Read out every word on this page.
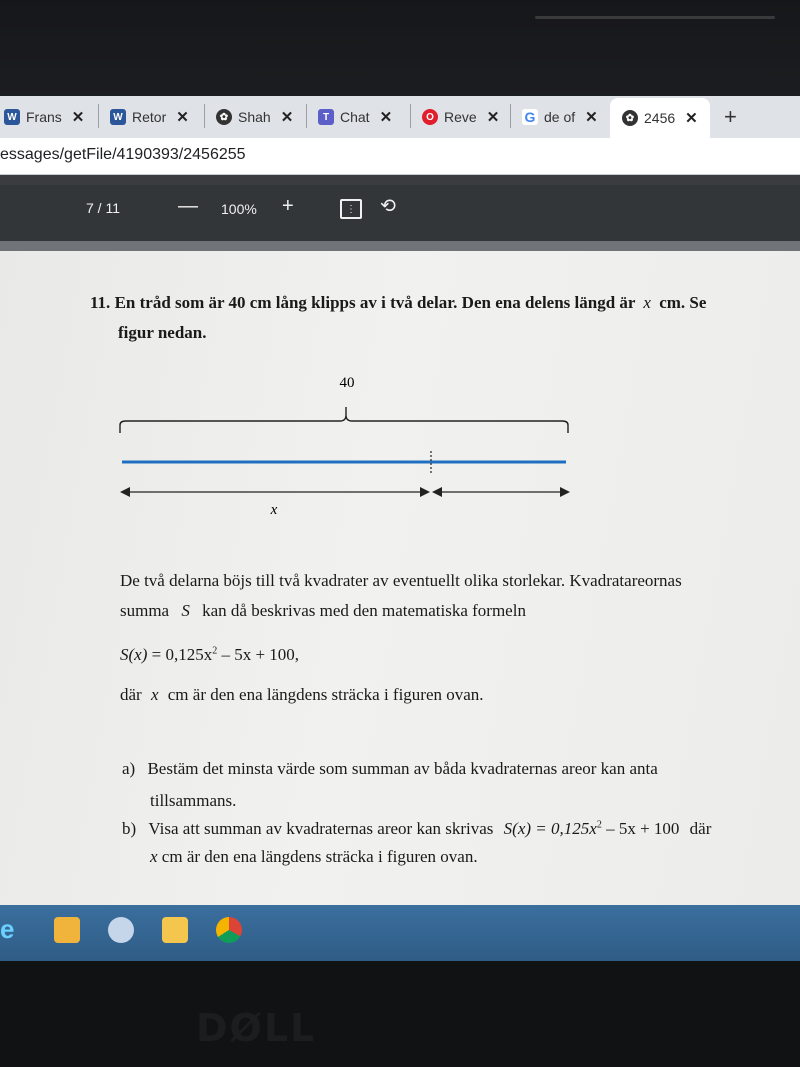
W Frans ✕	W Retor ✕	✿ Shah ✕	T Chat ✕	O Reve ✕ G de of ✕	✿ 2456 ✕ +
essages/getFile/4190393/2456255
7 / 11	— 100% +	⋮	⟲
11. En tråd som är 40 cm lång klipps av i två delar. Den ena delens längd är x cm. Se
figur nedan.
40
x
De två delarna böjs till två kvadrater av eventuellt olika storlekar. Kvadratareornas
summa S kan då beskrivas med den matematiska formeln
$S(x) = 0,125x^2 - 5x + 100$,
där x cm är den ena längdens sträcka i figuren ovan.
a) Bestäm det minsta värde som summan av båda kvadraternas areor kan anta
tillsammans.
b) Visa att summan av kvadraternas areor kan skrivas $S(x) = 0,125x^2 - 5x + 100$ där
x cm är den ena längdens sträcka i figuren ovan.
e
DØLL
